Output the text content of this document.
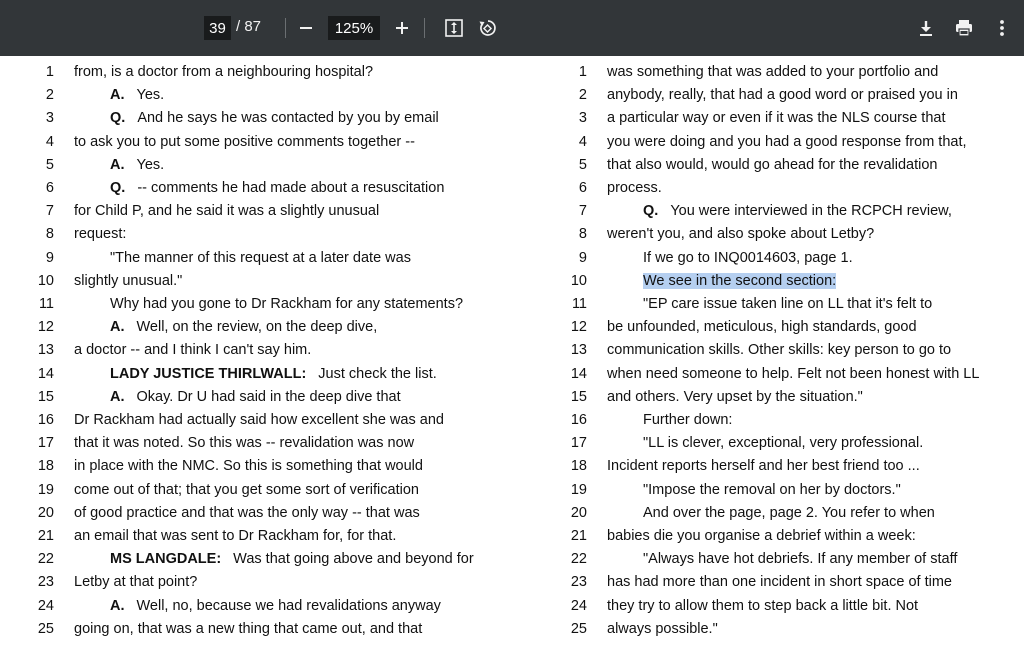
39 / 87	125%
1 from, is a doctor from a neighbouring hospital?
2	A. Yes.
3	Q. And he says he was contacted by you by email
4 to ask you to put some positive comments together --
5	A. Yes.
6	Q. -- comments he had made about a resuscitation
7 for Child P, and he said it was a slightly unusual
8 request:
9	"The manner of this request at a later date was
10 slightly unusual."
11	Why had you gone to Dr Rackham for any statements?
12	A. Well, on the review, on the deep dive,
13 a doctor -- and I think I can't say him.
14	LADY JUSTICE THIRLWALL: Just check the list.
15	A. Okay. Dr U had said in the deep dive that
16 Dr Rackham had actually said how excellent she was and
17 that it was noted. So this was -- revalidation was now
18 in place with the NMC. So this is something that would
19 come out of that; that you get some sort of verification
20 of good practice and that was the only way -- that was
21 an email that was sent to Dr Rackham for, for that.
22	MS LANGDALE: Was that going above and beyond for
23 Letby at that point?
24	A. Well, no, because we had revalidations anyway
25 going on, that was a new thing that came out, and that
1 was something that was added to your portfolio and
2 anybody, really, that had a good word or praised you in
3 a particular way or even if it was the NLS course that
4 you were doing and you had a good response from that,
5 that also would, would go ahead for the revalidation
6 process.
7	Q. You were interviewed in the RCPCH review,
8 weren't you, and also spoke about Letby?
9	If we go to INQ0014603, page 1.
10	We see in the second section:
11	"EP care issue taken line on LL that it's felt to
12 be unfounded, meticulous, high standards, good
13 communication skills. Other skills: key person to go to
14 when need someone to help. Felt not been honest with LL
15 and others. Very upset by the situation."
16	Further down:
17	"LL is clever, exceptional, very professional.
18 Incident reports herself and her best friend too ...
19	"Impose the removal on her by doctors."
20	And over the page, page 2. You refer to when
21 babies die you organise a debrief within a week:
22	"Always have hot debriefs. If any member of staff
23 has had more than one incident in short space of time
24 they try to allow them to step back a little bit. Not
25 always possible."
